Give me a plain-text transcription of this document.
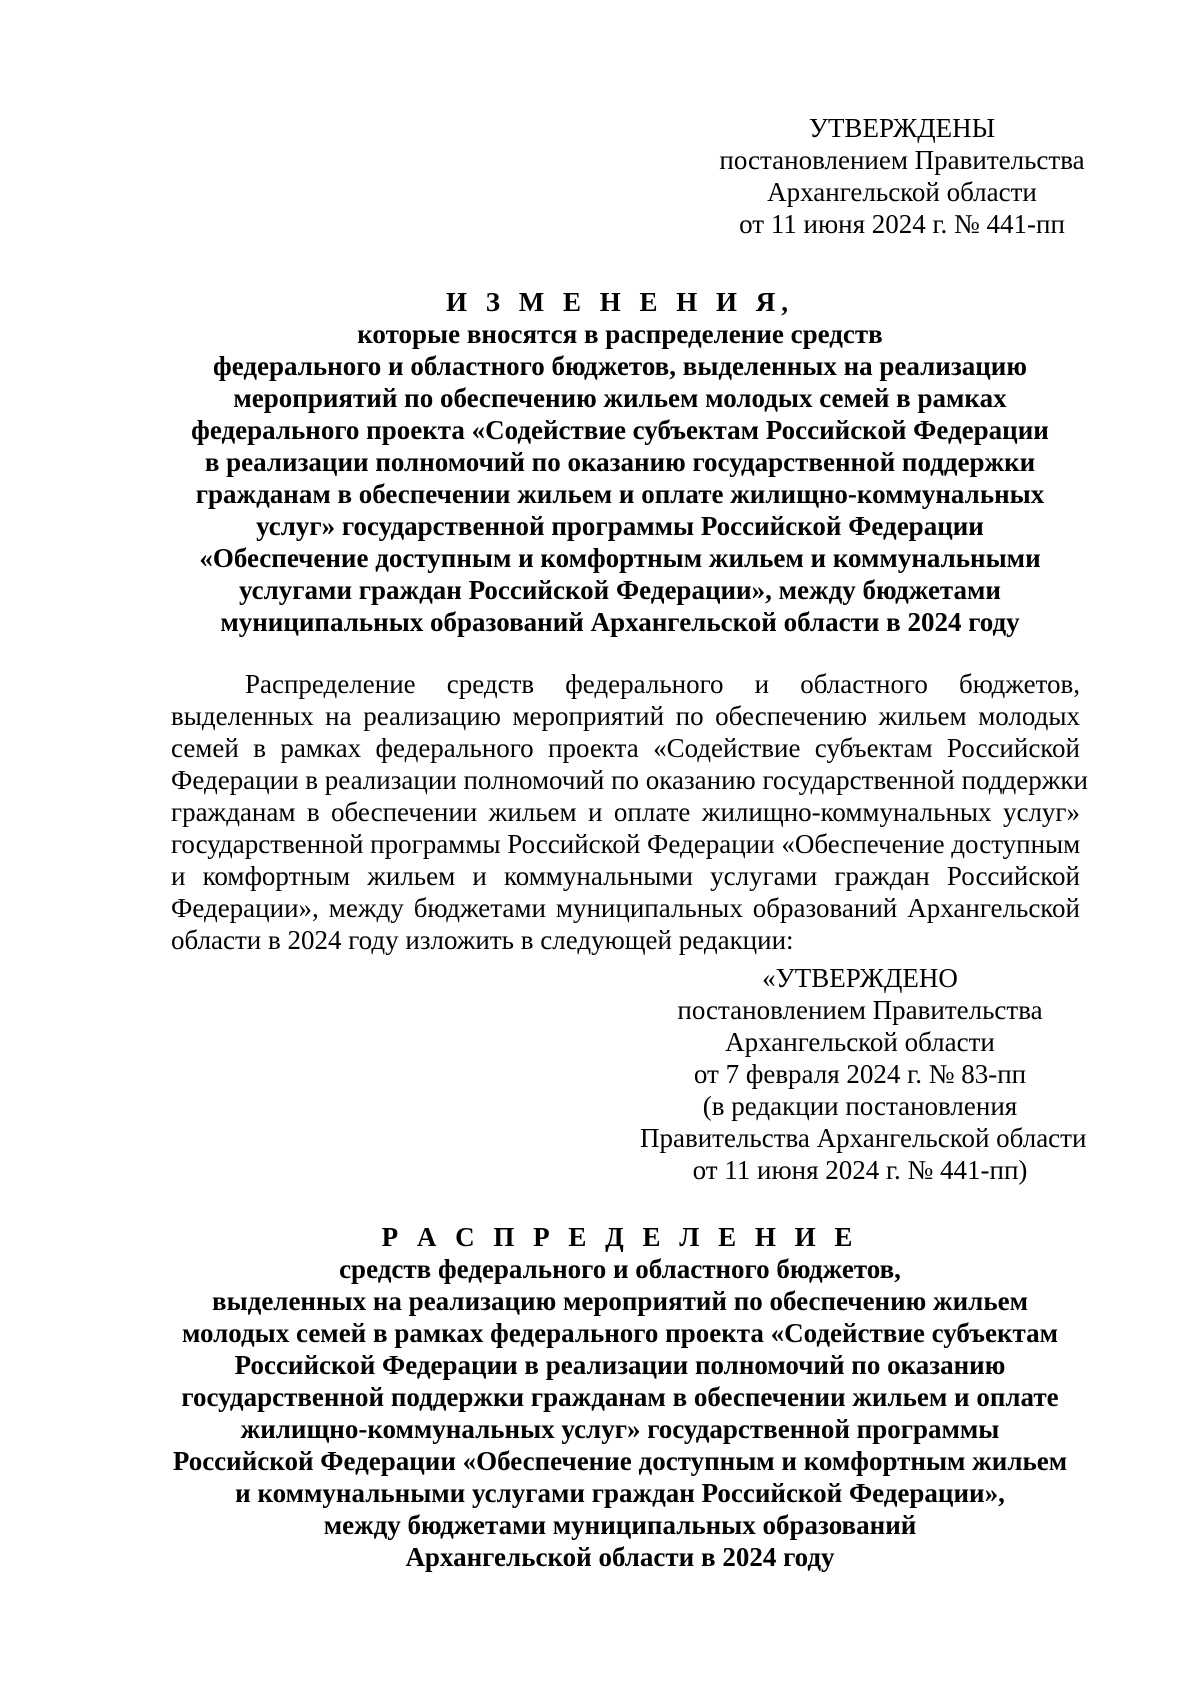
УТВЕРЖДЕНЫ
постановлением Правительства
Архангельской области
от 11 июня 2024 г. № 441-пп
И З М Е Н Е Н И Я,
которые вносятся в распределение средств
федерального и областного бюджетов, выделенных на реализацию
мероприятий по обеспечению жильем молодых семей в рамках
федерального проекта «Содействие субъектам Российской Федерации
в реализации полномочий по оказанию государственной поддержки
гражданам в обеспечении жильем и оплате жилищно-коммунальных
услуг» государственной программы Российской Федерации
«Обеспечение доступным и комфортным жильем и коммунальными
услугами граждан Российской Федерации», между бюджетами
муниципальных образований Архангельской области в 2024 году
Распределение средств федерального и областного бюджетов,
выделенных на реализацию мероприятий по обеспечению жильем молодых
семей в рамках федерального проекта «Содействие субъектам Российской
Федерации в реализации полномочий по оказанию государственной поддержки
гражданам в обеспечении жильем и оплате жилищно-коммунальных услуг»
государственной программы Российской Федерации «Обеспечение доступным
и комфортным жильем и коммунальными услугами граждан Российской
Федерации», между бюджетами муниципальных образований Архангельской
области в 2024 году изложить в следующей редакции:
«УТВЕРЖДЕНО
постановлением Правительства
Архангельской области
от 7 февраля 2024 г. № 83-пп
(в редакции постановления
Правительства Архангельской области
от 11 июня 2024 г. № 441-пп)
Р А С П Р Е Д Е Л Е Н И Е
средств федерального и областного бюджетов,
выделенных на реализацию мероприятий по обеспечению жильем
молодых семей в рамках федерального проекта «Содействие субъектам
Российской Федерации в реализации полномочий по оказанию
государственной поддержки гражданам в обеспечении жильем и оплате
жилищно-коммунальных услуг» государственной программы
Российской Федерации «Обеспечение доступным и комфортным жильем
и коммунальными услугами граждан Российской Федерации»,
между бюджетами муниципальных образований
Архангельской области в 2024 году
